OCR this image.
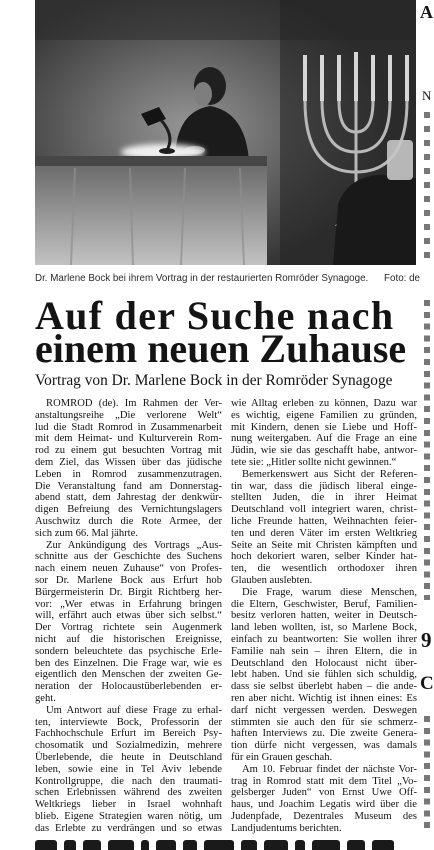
Dr. Marlene Bock bei ihrem Vortrag in der restaurierten Romröder Synagoge. Foto: de
Auf der Suche nach
einem neuen Zuhause
Vortrag von Dr. Marlene Bock in der Romröder Synagoge
ROMROD (de). Im Rahmen der Ver-
anstaltungsreihe „Die verlorene Welt“
lud die Stadt Romrod in Zusammenarbeit
mit dem Heimat- und Kulturverein Rom-
rod zu einem gut besuchten Vortrag mit
dem Ziel, das Wissen über das jüdische
Leben in Romrod zusammenzutragen.
Die Veranstaltung fand am Donnerstag-
abend statt, dem Jahrestag der denkwür-
digen Befreiung des Vernichtungslagers
Auschwitz durch die Rote Armee, der
sich zum 66. Mal jährte.
Zur Ankündigung des Vortrags „Aus-
schnitte aus der Geschichte des Suchens
nach einem neuen Zuhause“ von Profes-
sor Dr. Marlene Bock aus Erfurt hob
Bürgermeisterin Dr. Birgit Richtberg her-
vor: „Wer etwas in Erfahrung bringen
will, erfährt auch etwas über sich selbst.“
Der Vortrag richtete sein Augenmerk
nicht auf die historischen Ereignisse,
sondern beleuchtete das psychische Erle-
ben des Einzelnen. Die Frage war, wie es
eigentlich den Menschen der zweiten Ge-
neration der Holocaustüberlebenden er-
geht.
Um Antwort auf diese Frage zu erhal-
ten, interviewte Bock, Professorin der
Fachhochschule Erfurt im Bereich Psy-
chosomatik und Sozialmedizin, mehrere
Überlebende, die heute in Deutschland
leben, sowie eine in Tel Aviv lebende
Kontrollgruppe, die nach den traumati-
schen Erlebnissen während des zweiten
Weltkriegs lieber in Israel wohnhaft
blieb. Eigene Strategien waren nötig, um
das Erlebte zu verdrängen und so etwas
wie Alltag erleben zu können, Dazu war
es wichtig, eigene Familien zu gründen,
mit Kindern, denen sie Liebe und Hoff-
nung weitergaben. Auf die Frage an eine
Jüdin, wie sie das geschafft habe, antwor-
tete sie: „Hitler sollte nicht gewinnen.“
Bemerkenswert aus Sicht der Referen-
tin war, dass die jüdisch liberal einge-
stellten Juden, die in ihrer Heimat
Deutschland voll integriert waren, christ-
liche Freunde hatten, Weihnachten feier-
ten und deren Väter im ersten Weltkrieg
Seite an Seite mit Christen kämpften und
hoch dekoriert waren, selber Kinder hat-
ten, die wesentlich orthodoxer ihren
Glauben auslebten.
Die Frage, warum diese Menschen,
die Eltern, Geschwister, Beruf, Familien-
besitz verloren hatten, weiter in Deutsch-
land leben wollten, ist, so Marlene Bock,
einfach zu beantworten: Sie wollen ihrer
Familie nah sein – ihren Eltern, die in
Deutschland den Holocaust nicht über-
lebt haben. Und sie fühlen sich schuldig,
dass sie selbst überlebt haben – die ande-
ren aber nicht. Wichtig ist ihnen eines: Es
darf nicht vergessen werden. Deswegen
stimmten sie auch den für sie schmerz-
haften Interviews zu. Die zweite Genera-
tion dürfe nicht vergessen, was damals
für ein Grauen geschah.
Am 10. Februar findet der nächste Vor-
trag in Romrod statt mit dem Titel „Vo-
gelsberger Juden“ von Ernst Uwe Off-
haus, und Joachim Legatis wird über die
Judenpfade, Dezentrales Museum des
Landjudentums berichten.
A
N
9
C
